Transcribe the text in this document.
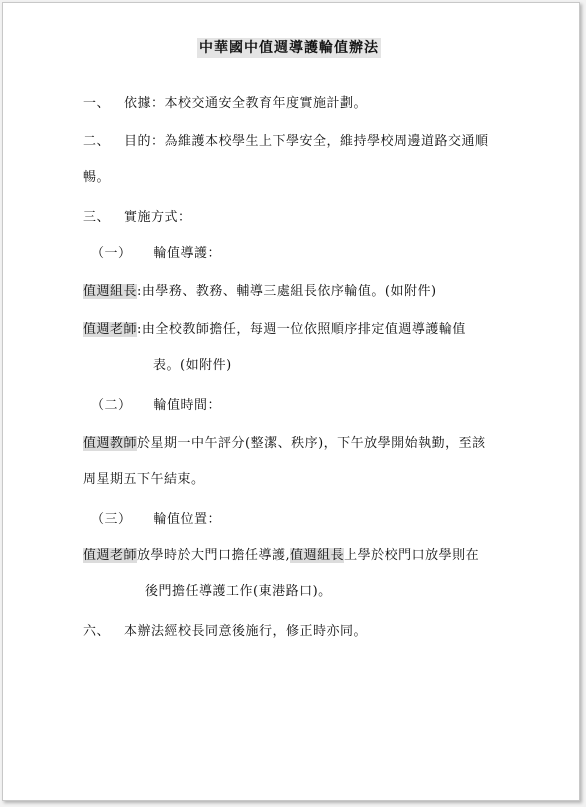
中華國中值週導護輪值辦法
一、 依據：本校交通安全教育年度實施計劃。
二、 目的：為維護本校學生上下學安全，維持學校周邊道路交通順
暢。
三、 實施方式：
（一） 輪值導護：
值週組長:由學務、教務、輔導三處組長依序輪值。(如附件)
值週老師:由全校教師擔任，每週一位依照順序排定值週導護輪值
表。(如附件)
（二） 輪值時間：
值週教師於星期一中午評分(整潔、秩序)，下午放學開始執勤，至該
周星期五下午結束。
（三） 輪值位置：
值週老師放學時於大門口擔任導護,值週組長上學於校門口放學則在
後門擔任導護工作(東港路口)。
六、 本辦法經校長同意後施行，修正時亦同。
